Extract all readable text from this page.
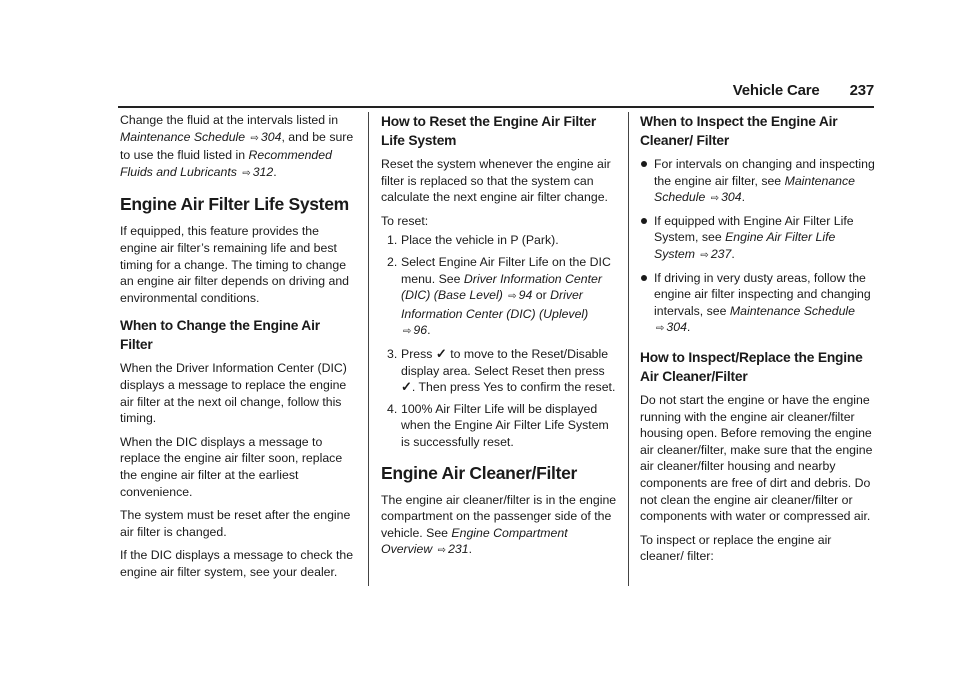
Vehicle Care 237

Change the fluid at the intervals listed in Maintenance Schedule ⇨ 304, and be sure to use the fluid listed in Recommended Fluids and Lubricants ⇨ 312.

Engine Air Filter Life System

If equipped, this feature provides the engine air filter’s remaining life and best timing for a change. The timing to change an engine air filter depends on driving and environmental conditions.

When to Change the Engine Air Filter

When the Driver Information Center (DIC) displays a message to replace the engine air filter at the next oil change, follow this timing.

When the DIC displays a message to replace the engine air filter soon, replace the engine air filter at the earliest convenience.

The system must be reset after the engine air filter is changed.

If the DIC displays a message to check the engine air filter system, see your dealer.

How to Reset the Engine Air Filter Life System

Reset the system whenever the engine air filter is replaced so that the system can calculate the next engine air filter change.

To reset:

1. Place the vehicle in P (Park).
2. Select Engine Air Filter Life on the DIC menu. See Driver Information Center (DIC) (Base Level) ⇨ 94 or Driver Information Center (DIC) (Uplevel) ⇨ 96.
3. Press ✓ to move to the Reset/Disable display area. Select Reset then press ✓. Then press Yes to confirm the reset.
4. 100% Air Filter Life will be displayed when the Engine Air Filter Life System is successfully reset.
Engine Air Cleaner/Filter

The engine air cleaner/filter is in the engine compartment on the passenger side of the vehicle. See Engine Compartment Overview ⇨ 231.

When to Inspect the Engine Air Cleaner/ Filter
For intervals on changing and inspecting the engine air filter, see Maintenance Schedule ⇨ 304.
If equipped with Engine Air Filter Life System, see Engine Air Filter Life System ⇨ 237.
If driving in very dusty areas, follow the engine air filter inspecting and changing intervals, see Maintenance Schedule ⇨ 304.
How to Inspect/Replace the Engine Air Cleaner/Filter

Do not start the engine or have the engine running with the engine air cleaner/filter housing open. Before removing the engine air cleaner/filter, make sure that the engine air cleaner/filter housing and nearby components are free of dirt and debris. Do not clean the engine air cleaner/filter or components with water or compressed air.

To inspect or replace the engine air cleaner/ filter:
